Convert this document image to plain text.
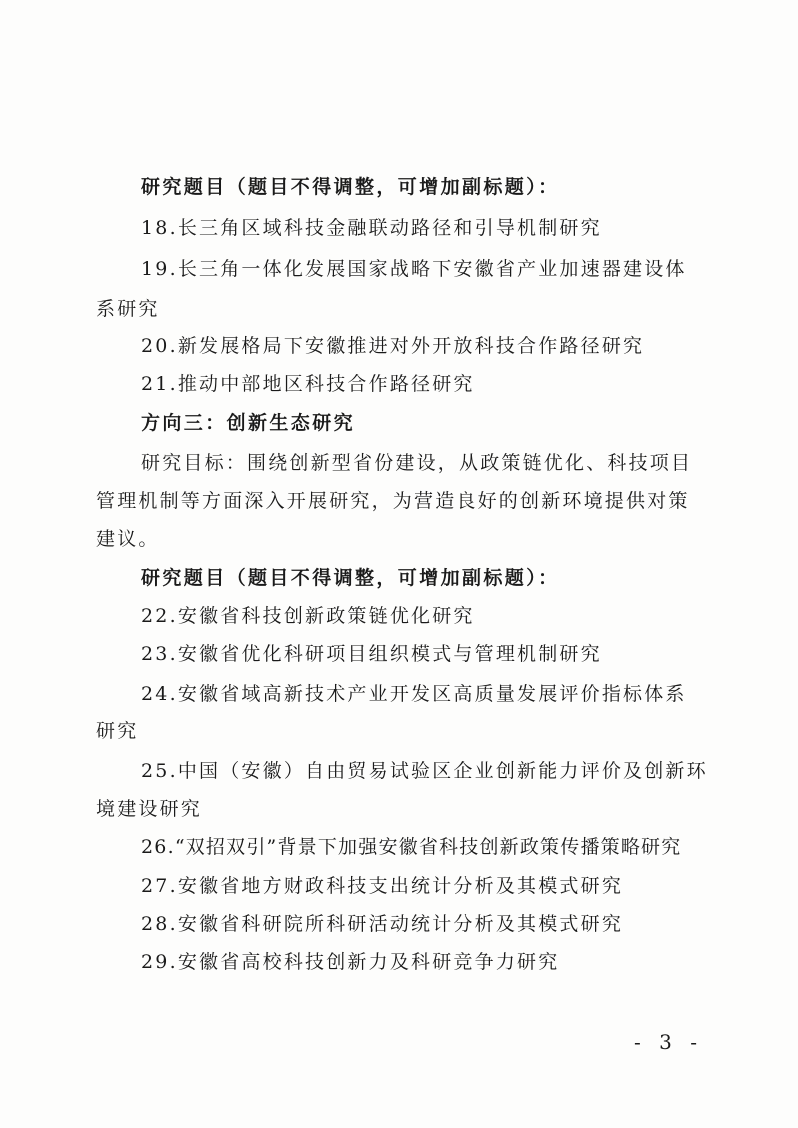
研究题目（题目不得调整，可增加副标题）：
18.长三角区域科技金融联动路径和引导机制研究
19.长三角一体化发展国家战略下安徽省产业加速器建设体
系研究
20.新发展格局下安徽推进对外开放科技合作路径研究
21.推动中部地区科技合作路径研究
方向三：创新生态研究
研究目标：围绕创新型省份建设，从政策链优化、科技项目
管理机制等方面深入开展研究，为营造良好的创新环境提供对策
建议。
研究题目（题目不得调整，可增加副标题）：
22.安徽省科技创新政策链优化研究
23.安徽省优化科研项目组织模式与管理机制研究
24.安徽省域高新技术产业开发区高质量发展评价指标体系
研究
25.中国（安徽）自由贸易试验区企业创新能力评价及创新环
境建设研究
26.“双招双引”背景下加强安徽省科技创新政策传播策略研究
27.安徽省地方财政科技支出统计分析及其模式研究
28.安徽省科研院所科研活动统计分析及其模式研究
29.安徽省高校科技创新力及科研竞争力研究
- 3 -
